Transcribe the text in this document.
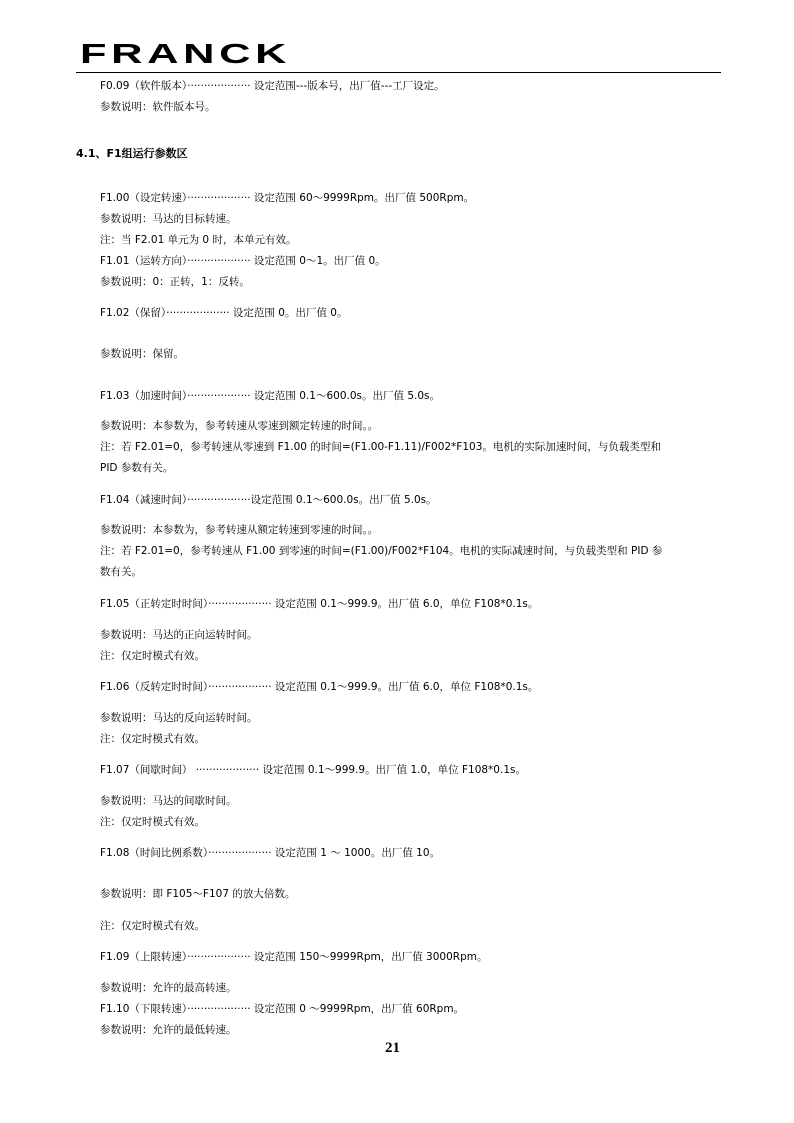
FRANCK
F0.09（软件版本）··················· 设定范围---版本号，出厂值---工厂设定。
参数说明：软件版本号。
4.1、F1组运行参数区
F1.00（设定转速）··················· 设定范围 60～9999Rpm。出厂值 500Rpm。
参数说明：马达的目标转速。
注：当 F2.01 单元为 0 时，本单元有效。
F1.01（运转方向）··················· 设定范围 0～1。出厂值 0。
参数说明：0：正转，1：反转。
F1.02（保留）··················· 设定范围 0。出厂值 0。
参数说明：保留。
F1.03（加速时间）··················· 设定范围 0.1～600.0s。出厂值 5.0s。
参数说明：本参数为，参考转速从零速到额定转速的时间。。
注：若 F2.01=0，参考转速从零速到 F1.00 的时间=(F1.00-F1.11)/F002*F103。电机的实际加速时间，与负载类型和
PID 参数有关。
F1.04（减速时间）···················设定范围 0.1～600.0s。出厂值 5.0s。
参数说明：本参数为，参考转速从额定转速到零速的时间。。
注：若 F2.01=0，参考转速从 F1.00 到零速的时间=(F1.00)/F002*F104。电机的实际减速时间，与负载类型和 PID 参
数有关。
F1.05（正转定时时间）··················· 设定范围 0.1～999.9。出厂值 6.0，单位 F108*0.1s。
参数说明：马达的正向运转时间。
注：仅定时模式有效。
F1.06（反转定时时间）··················· 设定范围 0.1～999.9。出厂值 6.0，单位 F108*0.1s。
参数说明：马达的反向运转时间。
注：仅定时模式有效。
F1.07（间歇时间） ··················· 设定范围 0.1～999.9。出厂值 1.0，单位 F108*0.1s。
参数说明：马达的间歇时间。
注：仅定时模式有效。
F1.08（时间比例系数）··················· 设定范围 1 ～ 1000。出厂值 10。
参数说明：即 F105～F107 的放大倍数。
注：仅定时模式有效。
F1.09（上限转速）··················· 设定范围 150～9999Rpm，出厂值 3000Rpm。
参数说明：允许的最高转速。
F1.10（下限转速）··················· 设定范围 0 ～9999Rpm，出厂值 60Rpm。
参数说明：允许的最低转速。
21
